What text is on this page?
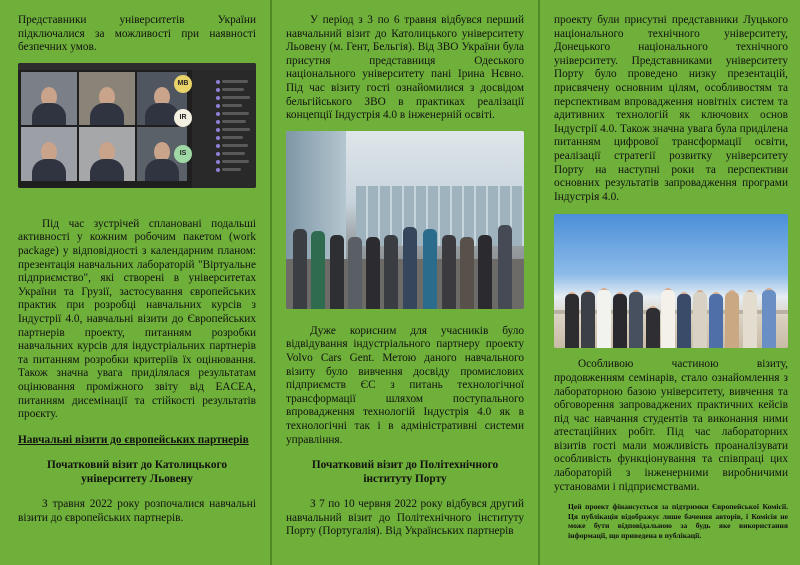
Представники університетів України підключалися за можливості при наявності безпечних умов.

MB
IR
IS

Під час зустрічей сплановані подальші активності у кожним робочим пакетом (work package) у відповідності з календарним планом: презентація навчальних лабораторій "Віртуальне підприємство", які створені в університетах України та Грузії, застосування європейських практик при розробці навчальних курсів з Індустрії 4.0, навчальні візити до Європейських партнерів проекту, питанням розробки навчальних курсів для індустріальних партнерів та питанням розробки критеріїв їх оцінювання. Також значна увага приділялася результатам оцінювання проміжного звіту від EACEA, питанням дисемінації та стійкості результатів проєкту.

Навчальні візити до європейських партнерів

Початковий візит до Католицького університету Льовену

З травня 2022 року розпочалися навчальні візити до європейських партнерів.

У період з 3 по 6 травня відбувся перший навчальний візит до Католицького університету Льовену (м. Гент, Бельгія). Від ЗВО України була присутня представниця Одеського національного університету пані Ірина Нєвно. Під час візиту гості ознайомилися з досвідом бельгійського ЗВО в практиках реалізації концепції Індустрія 4.0 в інженерній освіті.

Дуже корисним для учасників було відвідування індустріального партнеру проекту Volvo Cars Gent. Метою даного навчального візиту було вивчення досвіду промислових підприємств ЄС з питань технологічної трансформації шляхом поступального впровадження технологій Індустрія 4.0 як в технологічні так і в адміністративні системи управління.

Початковий візит до Політехнічного інституту Порту

З 7 по 10 червня 2022 року відбувся другий навчальний візит до Політехнічного інституту Порту (Португалія). Від Українських партнерів

проекту були присутні представники Луцького національного технічного університету, Донецького національного технічного університету. Представниками університету Порту було проведено низку презентацій, присвячену основним цілям, особливостям та перспективам впровадження новітніх систем та адитивних технологій як ключових основ Індустрії 4.0. Також значна увага була приділена питанням цифрової трансформації освіти, реалізації стратегії розвитку університету Порту на наступні роки та перспективи основних результатів запровадження програми Індустрія 4.0.

Особливою частиною візиту, продовженням семінарів, стало ознайомлення з лабораторною базою університету, вивчення та обговорення запроваджених практичних кейсів під час навчання студентів та виконання ними атестаційних робіт. Під час лабораторних візитів гості мали можливість проаналізувати особливість функціонування та співпраці цих лабораторій з інженерними виробничими установами і підприємствами.

Цей проект фінансується за підтримки Європейської Комісії. Ця публікація відображує лише бачення авторів, і Комісія не може бути відповідальною за будь яке використання інформації, що приведена в публікації.
